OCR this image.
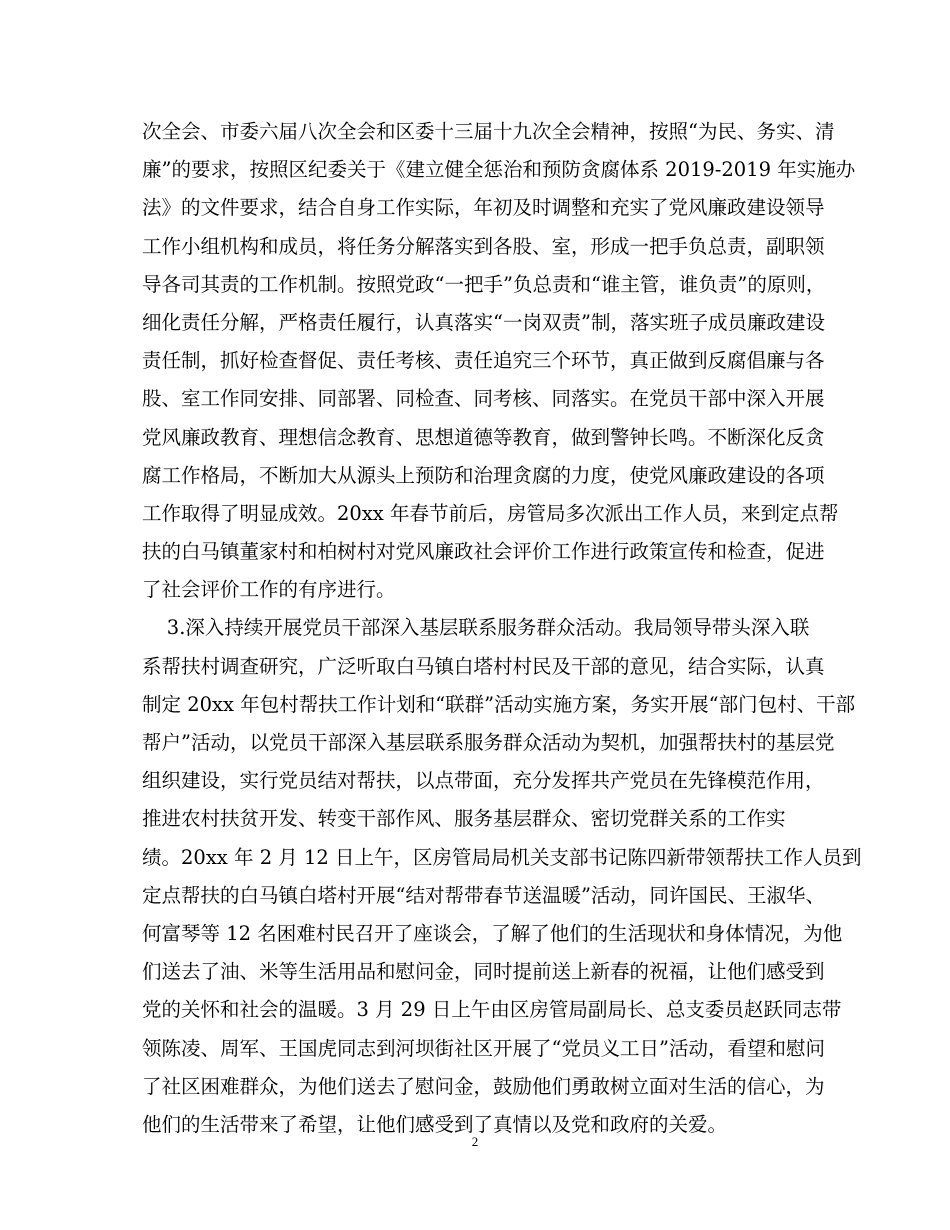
次全会、市委六届八次全会和区委十三届十九次全会精神，按照“为民、务实、清
廉”的要求，按照区纪委关于《建立健全惩治和预防贪腐体系 2019-2019 年实施办
法》的文件要求，结合自身工作实际，年初及时调整和充实了党风廉政建设领导
工作小组机构和成员，将任务分解落实到各股、室，形成一把手负总责，副职领
导各司其责的工作机制。按照党政“一把手”负总责和“谁主管，谁负责”的原则，
细化责任分解，严格责任履行，认真落实“一岗双责”制，落实班子成员廉政建设
责任制，抓好检查督促、责任考核、责任追究三个环节，真正做到反腐倡廉与各
股、室工作同安排、同部署、同检查、同考核、同落实。在党员干部中深入开展
党风廉政教育、理想信念教育、思想道德等教育，做到警钟长鸣。不断深化反贪
腐工作格局，不断加大从源头上预防和治理贪腐的力度，使党风廉政建设的各项
工作取得了明显成效。20xx 年春节前后，房管局多次派出工作人员，来到定点帮
扶的白马镇董家村和柏树村对党风廉政社会评价工作进行政策宣传和检查，促进
了社会评价工作的有序进行。
3.深入持续开展党员干部深入基层联系服务群众活动。我局领导带头深入联
系帮扶村调查研究，广泛听取白马镇白塔村村民及干部的意见，结合实际，认真
制定 20xx 年包村帮扶工作计划和“联群”活动实施方案，务实开展“部门包村、干部
帮户”活动，以党员干部深入基层联系服务群众活动为契机，加强帮扶村的基层党
组织建设，实行党员结对帮扶，以点带面，充分发挥共产党员在先锋模范作用，
推进农村扶贫开发、转变干部作风、服务基层群众、密切党群关系的工作实
绩。20xx 年 2 月 12 日上午，区房管局局机关支部书记陈四新带领帮扶工作人员到
定点帮扶的白马镇白塔村开展“结对帮带春节送温暖”活动，同许国民、王淑华、
何富琴等 12 名困难村民召开了座谈会，了解了他们的生活现状和身体情况，为他
们送去了油、米等生活用品和慰问金，同时提前送上新春的祝福，让他们感受到
党的关怀和社会的温暖。3 月 29 日上午由区房管局副局长、总支委员赵跃同志带
领陈凌、周军、王国虎同志到河坝街社区开展了“党员义工日”活动，看望和慰问
了社区困难群众，为他们送去了慰问金，鼓励他们勇敢树立面对生活的信心，为
他们的生活带来了希望，让他们感受到了真情以及党和政府的关爱。
2
